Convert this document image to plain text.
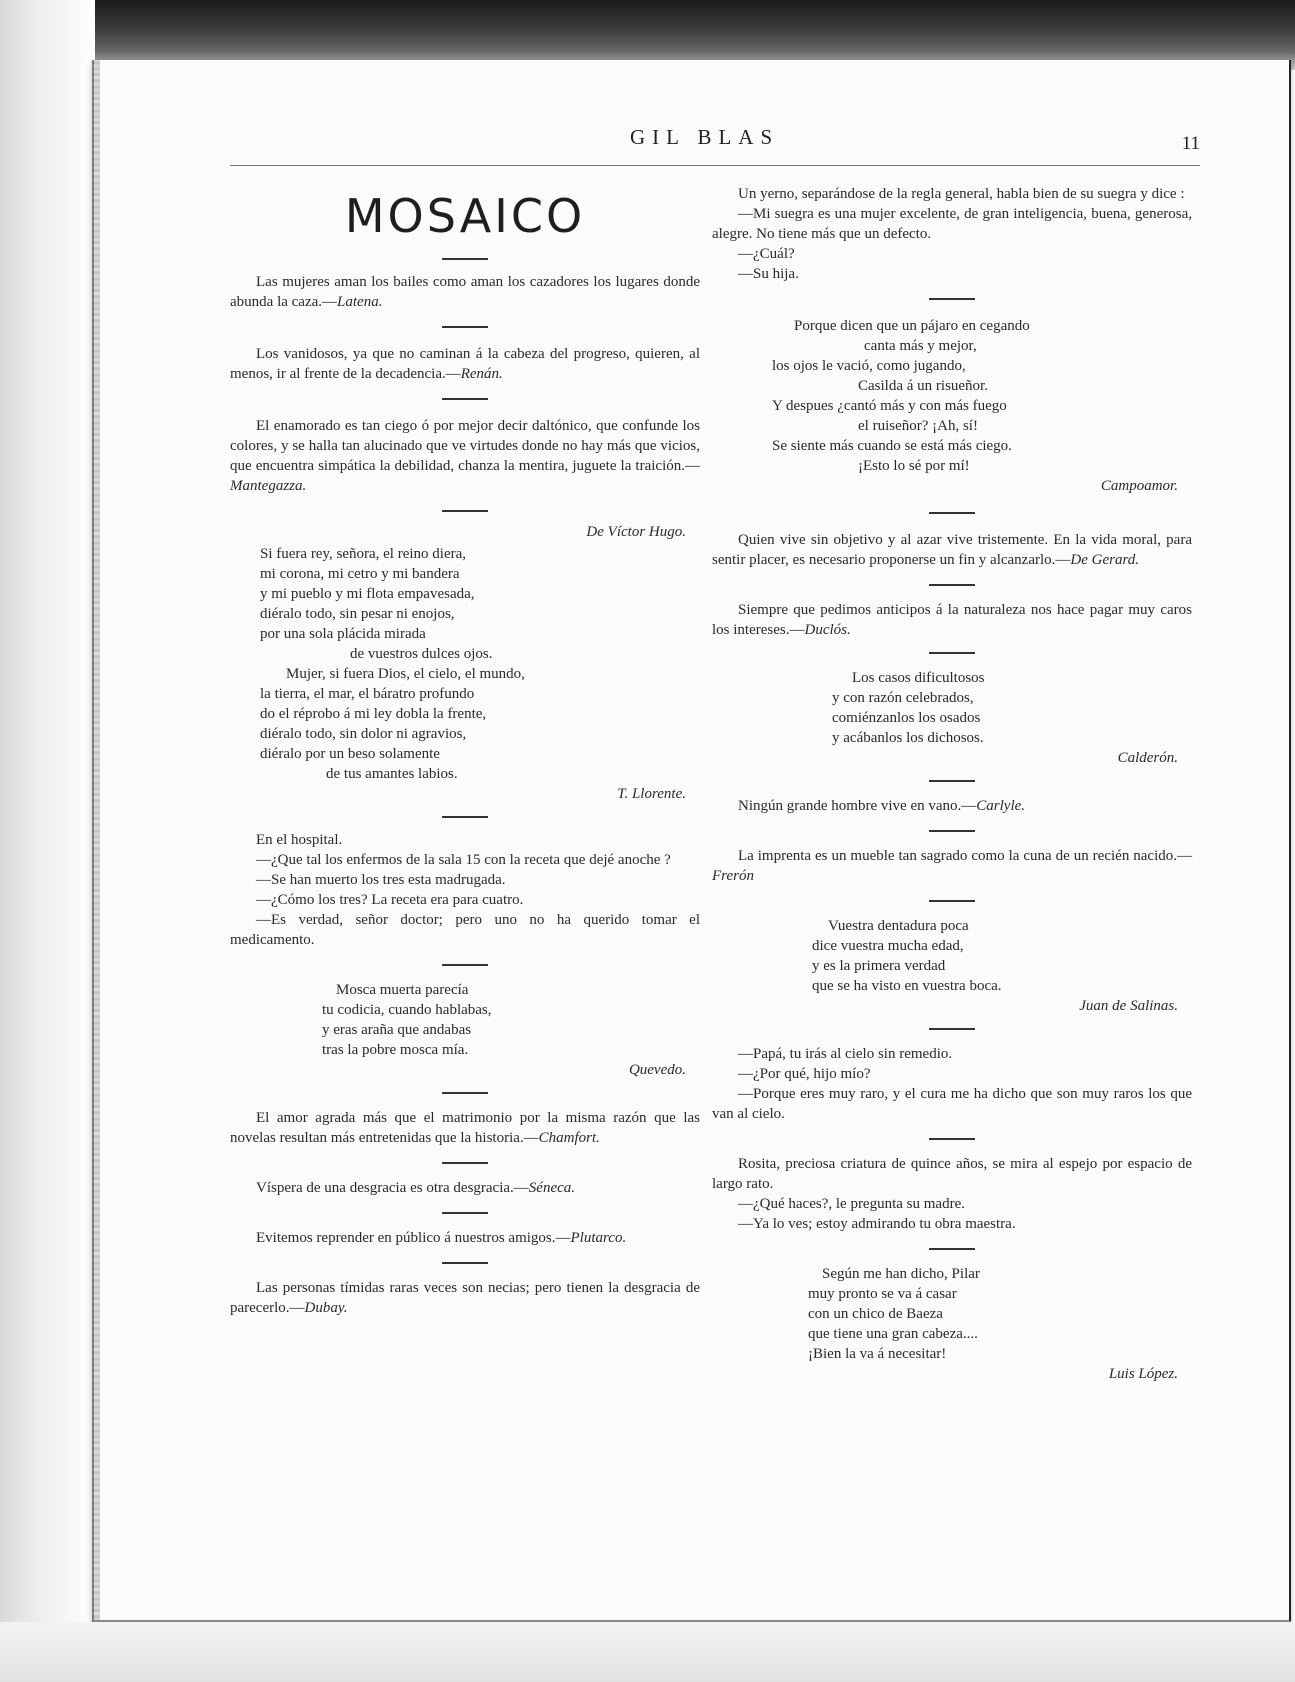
GIL BLAS	11
MOSAICO

Las mujeres aman los bailes como aman los cazadores los lugares donde abunda la caza.—Latena.

Los vanidosos, ya que no caminan á la cabeza del progreso, quieren, al menos, ir al frente de la decadencia.—Renán.

El enamorado es tan ciego ó por mejor decir daltónico, que confunde los colores, y se halla tan alucinado que ve virtudes donde no hay más que vicios, que encuentra simpática la debilidad, chanza la mentira, juguete la traición.—Mantegazza.

De Víctor Hugo.
Si fuera rey, señora, el reino diera,
mi corona, mi cetro y mi bandera
y mi pueblo y mi flota empavesada,
diéralo todo, sin pesar ni enojos,
por una sola plácida mirada
de vuestros dulces ojos.
Mujer, si fuera Dios, el cielo, el mundo,
la tierra, el mar, el báratro profundo
do el réprobo á mi ley dobla la frente,
diéralo todo, sin dolor ni agravios,
diéralo por un beso solamente
de tus amantes labios.
T. Llorente.

En el hospital.

—¿Que tal los enfermos de la sala 15 con la receta que dejé anoche ?

—Se han muerto los tres esta madrugada.

—¿Cómo los tres? La receta era para cuatro.

—Es verdad, señor doctor; pero uno no ha querido tomar el medicamento.

Mosca muerta parecía
tu codicia, cuando hablabas,
y eras araña que andabas
tras la pobre mosca mía.
Quevedo.

El amor agrada más que el matrimonio por la misma razón que las novelas resultan más entretenidas que la historia.—Chamfort.

Víspera de una desgracia es otra desgracia.—Séneca.

Evitemos reprender en público á nuestros amigos.—Plutarco.

Las personas tímidas raras veces son necias; pero tienen la desgracia de parecerlo.—Dubay.

Un yerno, separándose de la regla general, habla bien de su suegra y dice :

—Mi suegra es una mujer excelente, de gran inteligencia, buena, generosa, alegre. No tiene más que un defecto.

—¿Cuál?

—Su hija.

Porque dicen que un pájaro en cegando
canta más y mejor,
los ojos le vació, como jugando,
Casilda á un risueñor.
Y despues ¿cantó más y con más fuego
el ruiseñor? ¡Ah, sí!
Se siente más cuando se está más ciego.
¡Esto lo sé por mí!
Campoamor.

Quien vive sin objetivo y al azar vive tristemente. En la vida moral, para sentir placer, es necesario proponerse un fin y alcanzarlo.—De Gerard.

Siempre que pedimos anticipos á la naturaleza nos hace pagar muy caros los intereses.—Duclós.

Los casos dificultosos
y con razón celebrados,
comiénzanlos los osados
y acábanlos los dichosos.
Calderón.

Ningún grande hombre vive en vano.—Carlyle.

La imprenta es un mueble tan sagrado como la cuna de un recién nacido.—Frerón

Vuestra dentadura poca
dice vuestra mucha edad,
y es la primera verdad
que se ha visto en vuestra boca.
Juan de Salinas.

—Papá, tu irás al cielo sin remedio.

—¿Por qué, hijo mío?

—Porque eres muy raro, y el cura me ha dicho que son muy raros los que van al cielo.

Rosita, preciosa criatura de quince años, se mira al espejo por espacio de largo rato.

—¿Qué haces?, le pregunta su madre.

—Ya lo ves; estoy admirando tu obra maestra.

Según me han dicho, Pilar
muy pronto se va á casar
con un chico de Baeza
que tiene una gran cabeza....
¡Bien la va á necesitar!
Luis López.
